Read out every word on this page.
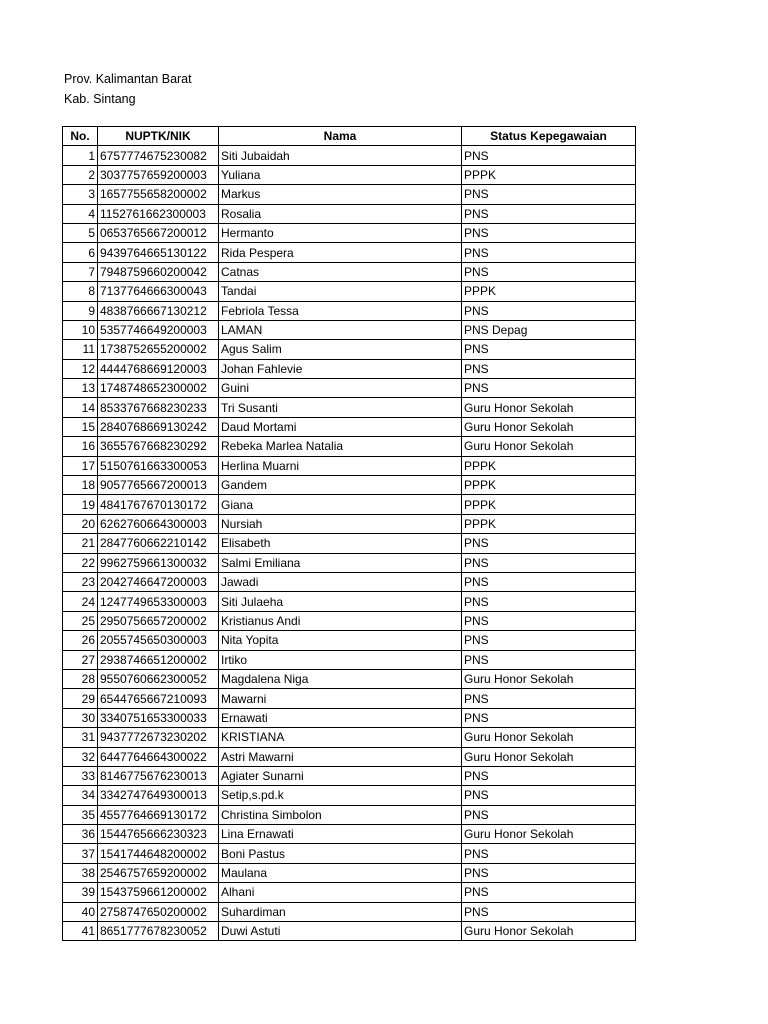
Prov. Kalimantan Barat
Kab. Sintang
No.	NUPTK/NIK	Nama	Status Kepegawaian
1	6757774675230082	Siti Jubaidah	PNS
2	3037757659200003	Yuliana	PPPK
3	1657755658200002	Markus	PNS
4	1152761662300003	Rosalia	PNS
5	0653765667200012	Hermanto	PNS
6	9439764665130122	Rida Pespera	PNS
7	7948759660200042	Catnas	PNS
8	7137764666300043	Tandai	PPPK
9	4838766667130212	Febriola Tessa	PNS
10	5357746649200003	LAMAN	PNS Depag
11	1738752655200002	Agus Salim	PNS
12	4444768669120003	Johan Fahlevie	PNS
13	1748748652300002	Guini	PNS
14	8533767668230233	Tri Susanti	Guru Honor Sekolah
15	2840768669130242	Daud Mortami	Guru Honor Sekolah
16	3655767668230292	Rebeka Marlea Natalia	Guru Honor Sekolah
17	5150761663300053	Herlina Muarni	PPPK
18	9057765667200013	Gandem	PPPK
19	4841767670130172	Giana	PPPK
20	6262760664300003	Nursiah	PPPK
21	2847760662210142	Elisabeth	PNS
22	9962759661300032	Salmi Emiliana	PNS
23	2042746647200003	Jawadi	PNS
24	1247749653300003	Siti Julaeha	PNS
25	2950756657200002	Kristianus Andi	PNS
26	2055745650300003	Nita Yopita	PNS
27	2938746651200002	Irtiko	PNS
28	9550760662300052	Magdalena Niga	Guru Honor Sekolah
29	6544765667210093	Mawarni	PNS
30	3340751653300033	Ernawati	PNS
31	9437772673230202	KRISTIANA	Guru Honor Sekolah
32	6447764664300022	Astri Mawarni	Guru Honor Sekolah
33	8146775676230013	Agiater Sunarni	PNS
34	3342747649300013	Setip,s.pd.k	PNS
35	4557764669130172	Christina Simbolon	PNS
36	1544765666230323	Lina Ernawati	Guru Honor Sekolah
37	1541744648200002	Boni Pastus	PNS
38	2546757659200002	Maulana	PNS
39	1543759661200002	Alhani	PNS
40	2758747650200002	Suhardiman	PNS
41	8651777678230052	Duwi Astuti	Guru Honor Sekolah
